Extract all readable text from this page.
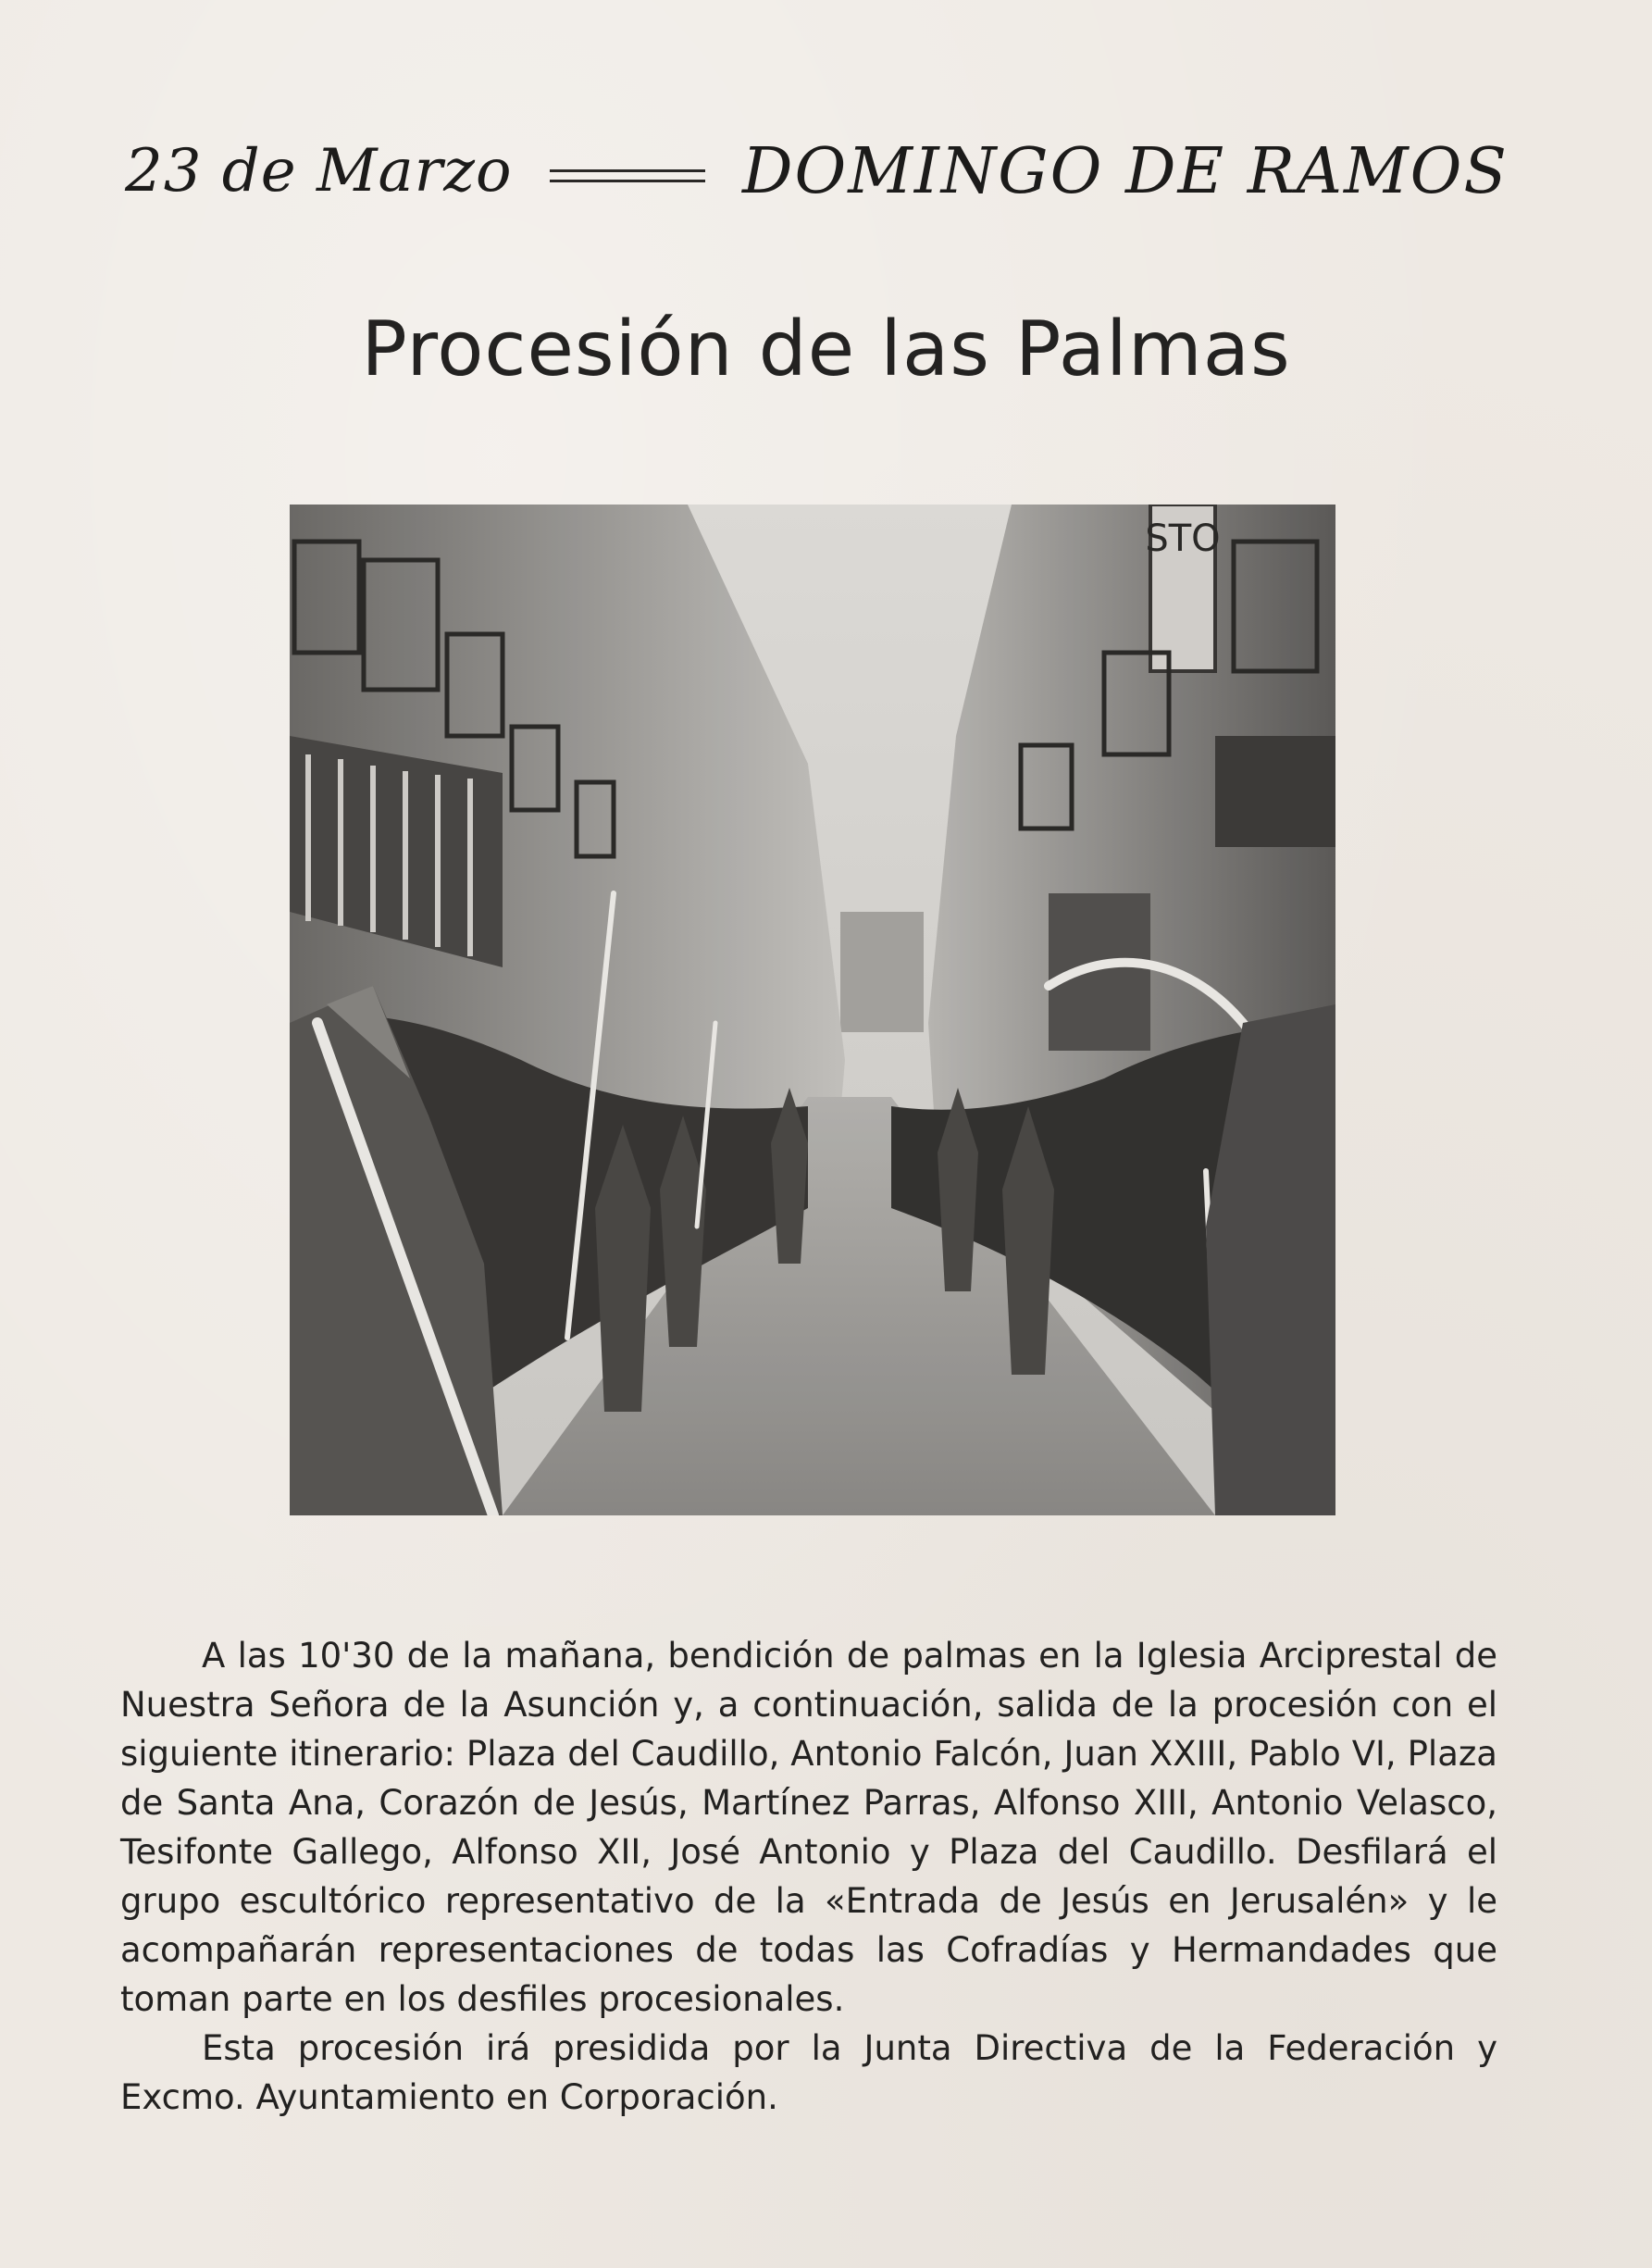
23 de Marzo	DOMINGO DE RAMOS
Procesión de las Palmas
STO

A las 10'30 de la mañana, bendición de palmas en la Iglesia Arciprestal de Nuestra Señora de la Asunción y, a continuación, salida de la procesión con el siguiente itinerario: Plaza del Caudillo, Antonio Falcón, Juan XXIII, Pablo VI, Plaza de Santa Ana, Corazón de Jesús, Martínez Parras, Alfonso XIII, Antonio Velasco, Tesifonte Gallego, Alfonso XII, José Antonio y Plaza del Caudillo. Desfilará el grupo escultórico representativo de la «Entrada de Jesús en Jerusalén» y le acompañarán representaciones de todas las Cofradías y Hermandades que toman parte en los desfiles procesionales.

Esta procesión irá presidida por la Junta Directiva de la Federación y Excmo. Ayuntamiento en Corporación.
